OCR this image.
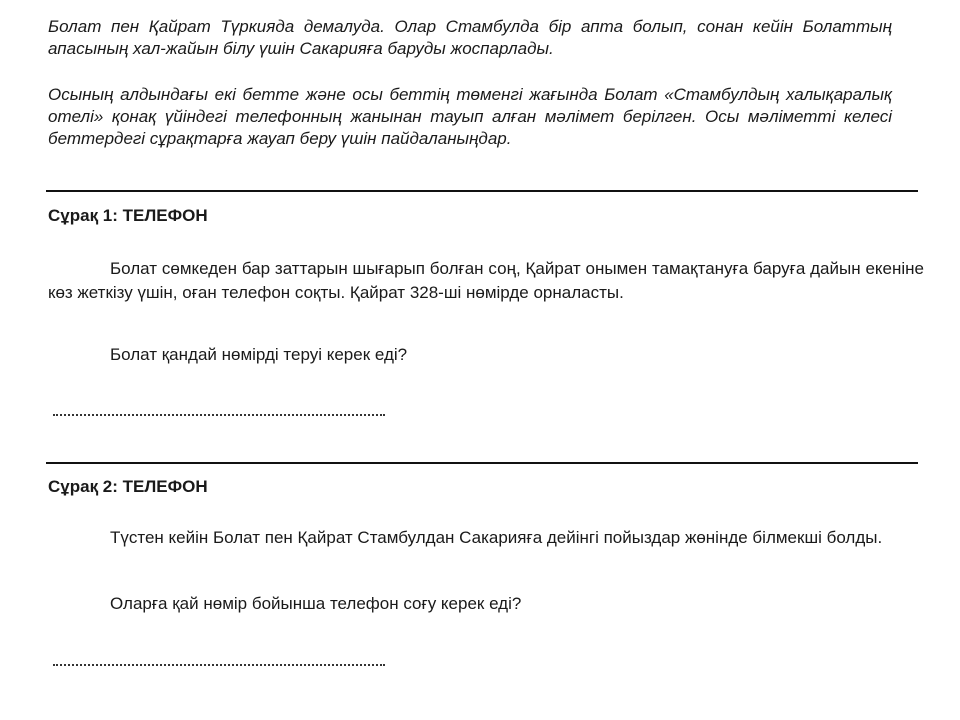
Болат пен Қайрат Түркияда демалуда. Олар Стамбулда бір апта болып, сонан кейін Болаттың апасының хал-жайын білу үшін Сакарияға баруды жоспарлады.

Осының алдындағы екі бетте және осы беттің төменгі жағында Болат «Стамбулдың халықаралық отелі» қонақ үйіндегі телефонның жанынан тауып алған мәлімет берілген. Осы мәліметті келесі беттердегі сұрақтарға жауап беру үшін пайдаланыңдар.

Сұрақ 1: ТЕЛЕФОН

Болат сөмкеден бар заттарын шығарып болған соң, Қайрат онымен тамақтануға баруға дайын екеніне көз жеткізу үшін, оған телефон соқты. Қайрат 328-ші нөмірде орналасты.

Болат қандай нөмірді теруі керек еді?

Сұрақ 2: ТЕЛЕФОН

Түстен кейін Болат пен Қайрат Стамбулдан Сакарияға дейінгі пойыздар жөнінде білмекші болды.

Оларға қай нөмір бойынша телефон соғу керек еді?
